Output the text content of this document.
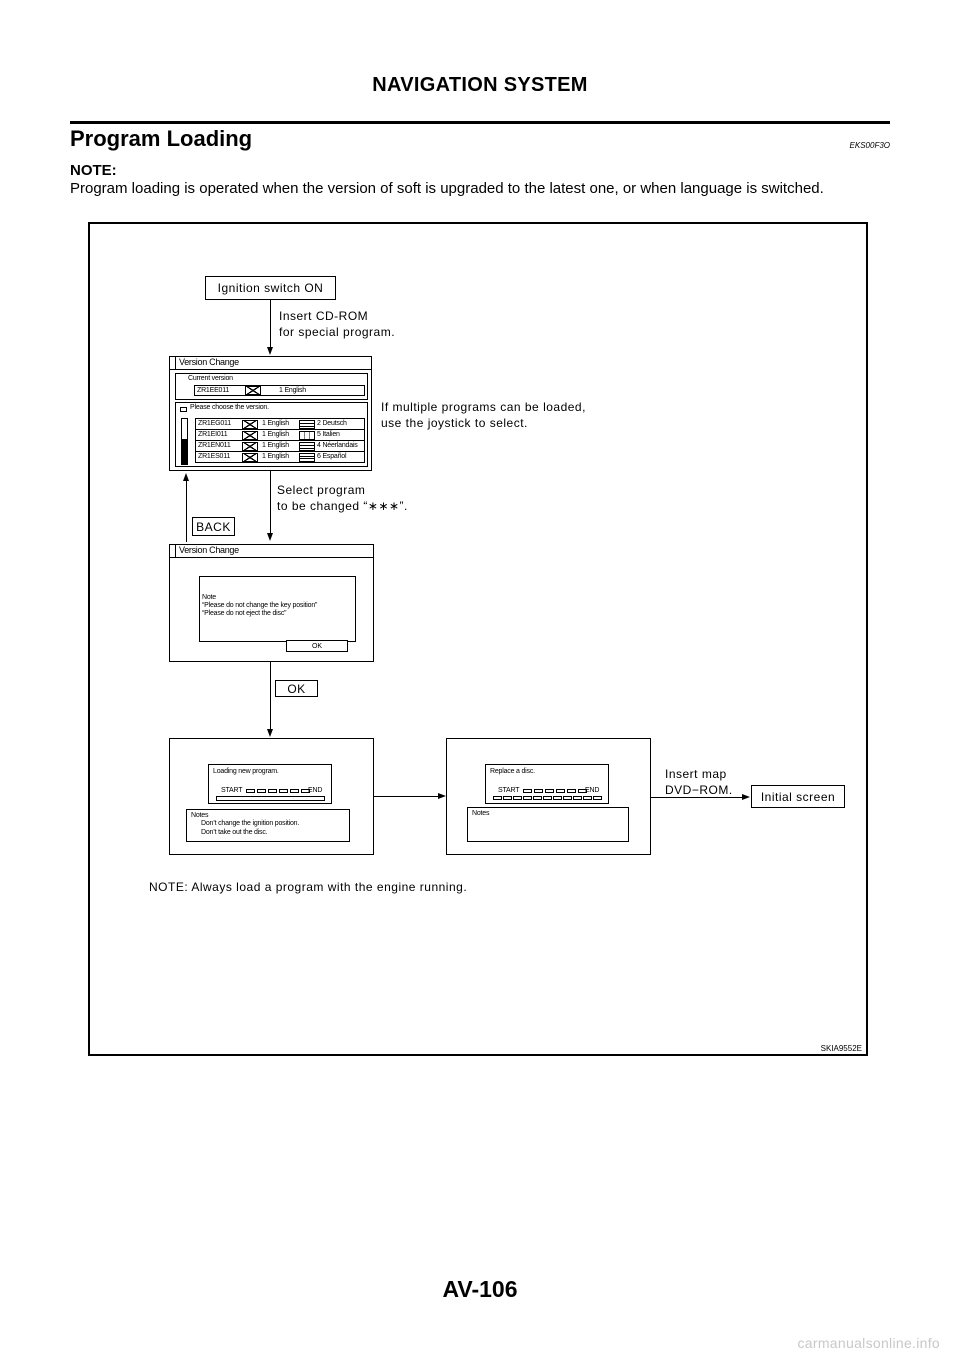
NAVIGATION SYSTEM
Program Loading	EKS00F3O
NOTE:
Program loading is operated when the version of soft is upgraded to the latest one, or when language is switched.
Ignition switch ON
Insert CD-ROM
for special program.
Version Change
Current version
ZR1EE011	1 English
Please choose the version.
ZR1EG011	1 English	2 Deutsch
ZR1EI011	1 English	5 Italien
ZR1EN011	1 English	4 Néerlandais
ZR1ES011	1 English	6 Español
If multiple programs can be loaded,
use the joystick to select.
Select program
to be changed “∗∗∗”.
BACK
Version Change
Note
“Please do not change the key position”
“Please do not eject the disc”
OK
OK
Loading new program.
START	END
Notes
Don’t change the ignition position.
Don’t take out the disc.
Replace a disc.
START	END
Notes
Insert map
DVD−ROM.	Initial screen
NOTE: Always load a program with the engine running.
SKIA9552E
AV-106
carmanualsonline.info
